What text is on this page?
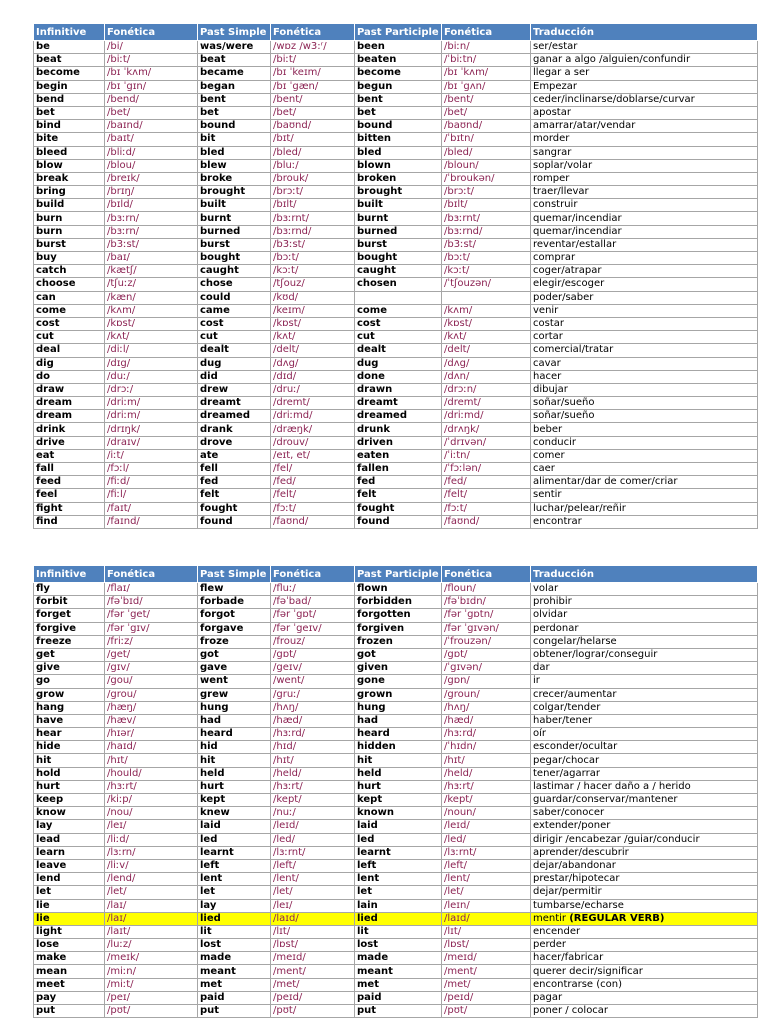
Infinitive	Fonética	Past Simple	Fonética	Past Participle	Fonética	Traducción
be	/bi/	was/were	/wɒz /w3:ʳ/	been	/biːn/	ser/estar
beat	/biːt/	beat	/biːt/	beaten	/ˈbiːtn/	ganar a algo /alguien/confundir
become	/bɪ ˈkʌm/	became	/bɪ ˈkeɪm/	become	/bɪ ˈkʌm/	llegar a ser
begin	/bɪ ˈgɪn/	began	/bɪ ˈgæn/	begun	/bɪ ˈgʌn/	Empezar
bend	/bend/	bent	/bent/	bent	/bent/	ceder/inclinarse/doblarse/curvar
bet	/bet/	bet	/bet/	bet	/bet/	apostar
bind	/baɪnd/	bound	/baʊnd/	bound	/baʊnd/	amarrar/atar/vendar
bite	/baɪt/	bit	/bɪt/	bitten	/ˈbɪtn/	morder
bleed	/bliːd/	bled	/bled/	bled	/bled/	sangrar
blow	/blou/	blew	/bluː/	blown	/bloun/	soplar/volar
break	/breɪk/	broke	/brouk/	broken	/ˈbroukən/	romper
bring	/brɪŋ/	brought	/brɔːt/	brought	/brɔːt/	traer/llevar
build	/bɪld/	built	/bɪlt/	built	/bɪlt/	construir
burn	/bɜːrn/	burnt	/bɜːrnt/	burnt	/bɜːrnt/	quemar/incendiar
burn	/bɜːrn/	burned	/bɜːrnd/	burned	/bɜːrnd/	quemar/incendiar
burst	/b3ːst/	burst	/b3ːst/	burst	/b3ːst/	reventar/estallar
buy	/baɪ/	bought	/bɔːt/	bought	/bɔːt/	comprar
catch	/kætʃ/	caught	/kɔːt/	caught	/kɔːt/	coger/atrapar
choose	/tʃuːz/	chose	/tʃouz/	chosen	/ˈtʃouzən/	elegir/escoger
can	/kæn/	could	/kʊd/			poder/saber
come	/kʌm/	came	/keɪm/	come	/kʌm/	venir
cost	/kɒst/	cost	/kɒst/	cost	/kɒst/	costar
cut	/kʌt/	cut	/kʌt/	cut	/kʌt/	cortar
deal	/diːl/	dealt	/delt/	dealt	/delt/	comercial/tratar
dig	/dɪg/	dug	/dʌg/	dug	/dʌg/	cavar
do	/duː/	did	/dɪd/	done	/dʌn/	hacer
draw	/drɔː/	drew	/druː/	drawn	/drɔːn/	dibujar
dream	/driːm/	dreamt	/dremt/	dreamt	/dremt/	soñar/sueño
dream	/driːm/	dreamed	/driːmd/	dreamed	/driːmd/	soñar/sueño
drink	/drɪŋk/	drank	/dræŋk/	drunk	/drʌŋk/	beber
drive	/draɪv/	drove	/drouv/	driven	/ˈdrɪvən/	conducir
eat	/iːt/	ate	/eɪt, et/	eaten	/ˈiːtn/	comer
fall	/fɔːl/	fell	/fel/	fallen	/ˈfɔːlən/	caer
feed	/fiːd/	fed	/fed/	fed	/fed/	alimentar/dar de comer/criar
feel	/fiːl/	felt	/felt/	felt	/felt/	sentir
fight	/faɪt/	fought	/fɔːt/	fought	/fɔːt/	luchar/pelear/reñir
find	/faɪnd/	found	/faʊnd/	found	/faʊnd/	encontrar
Infinitive	Fonética	Past Simple	Fonética	Past Participle	Fonética	Traducción
fly	/flaɪ/	flew	/fluː/	flown	/floun/	volar
forbit	/fəˈbɪd/	forbade	/fəˈbad/	forbidden	/fəˈbɪdn/	prohibir
forget	/fər ˈget/	forgot	/fər ˈgɒt/	forgotten	/fər ˈgɒtn/	olvidar
forgive	/fər ˈgɪv/	forgave	/fər ˈgeɪv/	forgiven	/fər ˈgɪvən/	perdonar
freeze	/friːz/	froze	/frouz/	frozen	/ˈfrouzən/	congelar/helarse
get	/get/	got	/gɒt/	got	/gɒt/	obtener/lograr/conseguir
give	/gɪv/	gave	/geɪv/	given	/ˈgɪvən/	dar
go	/gou/	went	/went/	gone	/gɒn/	ir
grow	/grou/	grew	/gruː/	grown	/groun/	crecer/aumentar
hang	/hæŋ/	hung	/hʌŋ/	hung	/hʌŋ/	colgar/tender
have	/hæv/	had	/hæd/	had	/hæd/	haber/tener
hear	/hɪər/	heard	/hɜːrd/	heard	/hɜːrd/	oír
hide	/haɪd/	hid	/hɪd/	hidden	/ˈhɪdn/	esconder/ocultar
hit	/hɪt/	hit	/hɪt/	hit	/hɪt/	pegar/chocar
hold	/hould/	held	/held/	held	/held/	tener/agarrar
hurt	/hɜːrt/	hurt	/hɜːrt/	hurt	/hɜːrt/	lastimar / hacer daño a / herido
keep	/kiːp/	kept	/kept/	kept	/kept/	guardar/conservar/mantener
know	/nou/	knew	/nuː/	known	/noun/	saber/conocer
lay	/leɪ/	laid	/leɪd/	laid	/leɪd/	extender/poner
lead	/liːd/	led	/led/	led	/led/	dirigir /encabezar /guiar/conducir
learn	/lɜːrn/	learnt	/lɜːrnt/	learnt	/lɜːrnt/	aprender/descubrir
leave	/liːv/	left	/left/	left	/left/	dejar/abandonar
lend	/lend/	lent	/lent/	lent	/lent/	prestar/hipotecar
let	/let/	let	/let/	let	/let/	dejar/permitir
lie	/laɪ/	lay	/leɪ/	lain	/leɪn/	tumbarse/echarse
lie	/laɪ/	lied	/laɪd/	lied	/laɪd/	mentir (REGULAR VERB)
light	/laɪt/	lit	/lɪt/	lit	/lɪt/	encender
lose	/luːz/	lost	/lɒst/	lost	/lɒst/	perder
make	/meɪk/	made	/meɪd/	made	/meɪd/	hacer/fabricar
mean	/miːn/	meant	/ment/	meant	/ment/	querer decir/significar
meet	/miːt/	met	/met/	met	/met/	encontrarse (con)
pay	/peɪ/	paid	/peɪd/	paid	/peɪd/	pagar
put	/pʊt/	put	/pʊt/	put	/pʊt/	poner / colocar
